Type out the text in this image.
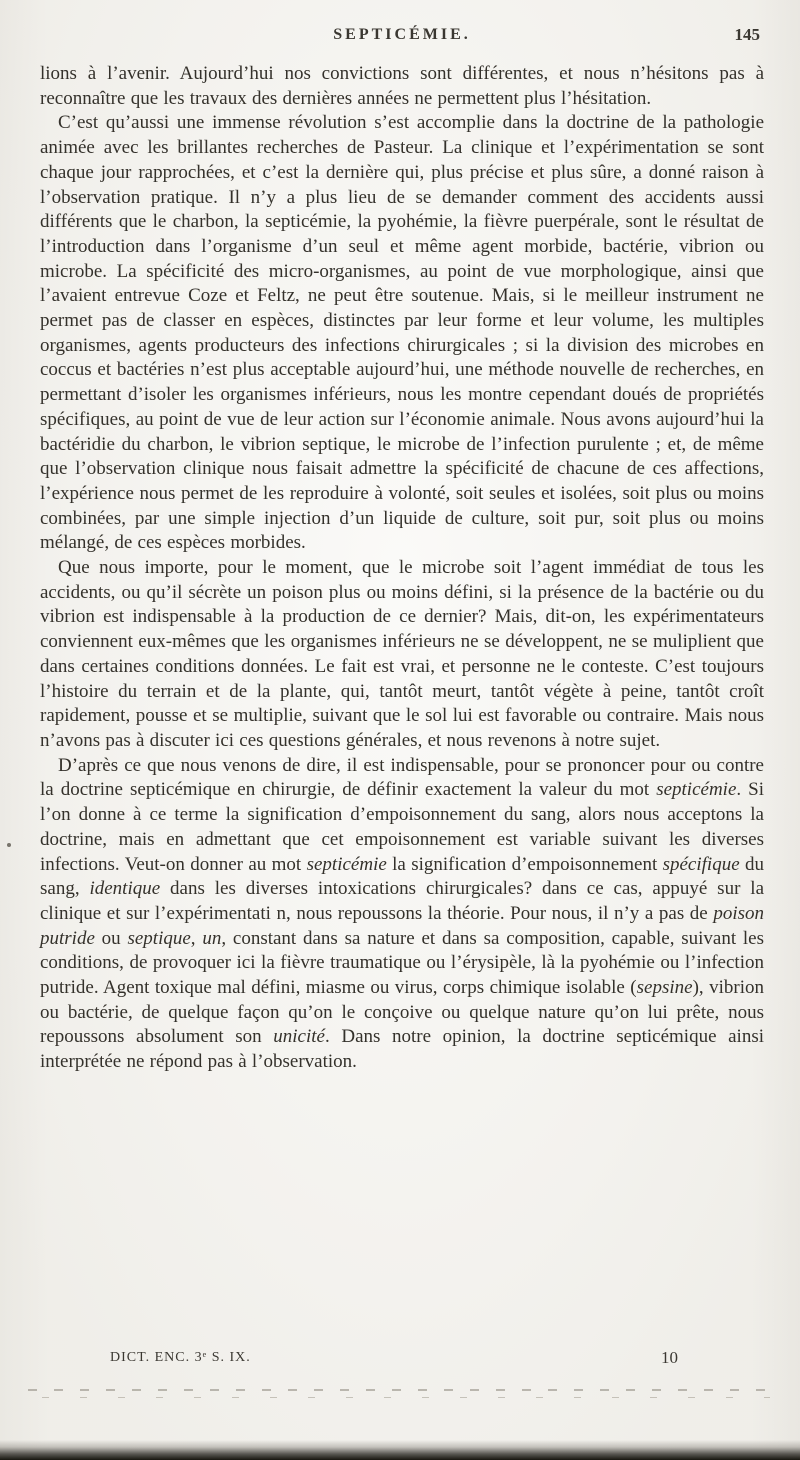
SEPTICÉMIE.	145

lions à l’avenir. Aujourd’hui nos convictions sont différentes, et nous n’hésitons pas à reconnaître que les travaux des dernières années ne permettent plus l’hésitation.

C’est qu’aussi une immense révolution s’est accomplie dans la doctrine de la pathologie animée avec les brillantes recherches de Pasteur. La clinique et l’expérimentation se sont chaque jour rapprochées, et c’est la dernière qui, plus précise et plus sûre, a donné raison à l’observation pratique. Il n’y a plus lieu de se demander comment des accidents aussi différents que le charbon, la septicémie, la pyohémie, la fièvre puerpérale, sont le résultat de l’introduction dans l’organisme d’un seul et même agent morbide, bactérie, vibrion ou microbe. La spécificité des micro-organismes, au point de vue morphologique, ainsi que l’avaient entrevue Coze et Feltz, ne peut être soutenue. Mais, si le meilleur instrument ne permet pas de classer en espèces, distinctes par leur forme et leur volume, les multiples organismes, agents producteurs des infections chirurgicales ; si la division des microbes en coccus et bactéries n’est plus acceptable aujourd’hui, une méthode nouvelle de recherches, en permettant d’isoler les organismes inférieurs, nous les montre cependant doués de propriétés spécifiques, au point de vue de leur action sur l’économie animale. Nous avons aujourd’hui la bactéridie du charbon, le vibrion septique, le microbe de l’infection purulente ; et, de même que l’observation clinique nous faisait admettre la spécificité de chacune de ces affections, l’expérience nous permet de les reproduire à volonté, soit seules et isolées, soit plus ou moins combinées, par une simple injection d’un liquide de culture, soit pur, soit plus ou moins mélangé, de ces espèces morbides.

Que nous importe, pour le moment, que le microbe soit l’agent immédiat de tous les accidents, ou qu’il sécrète un poison plus ou moins défini, si la présence de la bactérie ou du vibrion est indispensable à la production de ce dernier? Mais, dit-on, les expérimentateurs conviennent eux-mêmes que les organismes inférieurs ne se développent, ne se muliplient que dans certaines conditions données. Le fait est vrai, et personne ne le conteste. C’est toujours l’histoire du terrain et de la plante, qui, tantôt meurt, tantôt végète à peine, tantôt croît rapidement, pousse et se multiplie, suivant que le sol lui est favorable ou contraire. Mais nous n’avons pas à discuter ici ces questions générales, et nous revenons à notre sujet.

D’après ce que nous venons de dire, il est indispensable, pour se prononcer pour ou contre la doctrine septicémique en chirurgie, de définir exactement la valeur du mot septicémie. Si l’on donne à ce terme la signification d’empoisonnement du sang, alors nous acceptons la doctrine, mais en admettant que cet empoisonnement est variable suivant les diverses infections. Veut-on donner au mot septicémie la signification d’empoisonnement spécifique du sang, identique dans les diverses intoxications chirurgicales? dans ce cas, appuyé sur la clinique et sur l’expérimentati n, nous repoussons la théorie. Pour nous, il n’y a pas de poison putride ou septique, un, constant dans sa nature et dans sa composition, capable, suivant les conditions, de provoquer ici la fièvre traumatique ou l’érysipèle, là la pyohémie ou l’infection putride. Agent toxique mal défini, miasme ou virus, corps chimique isolable (sepsine), vibrion ou bactérie, de quelque façon qu’on le conçoive ou quelque nature qu’on lui prête, nous repoussons absolument son unicité. Dans notre opinion, la doctrine septicémique ainsi interprétée ne répond pas à l’observation.

DICT. ENC. 3ᵉ S. IX.	10
